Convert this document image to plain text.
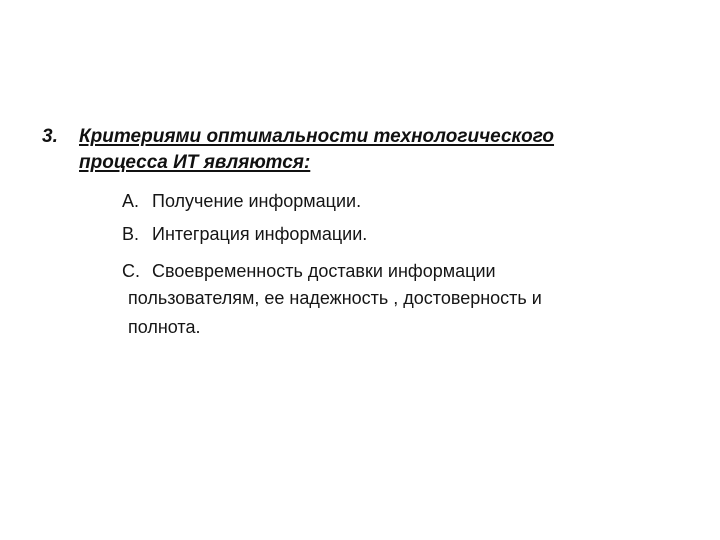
3. Критериями оптимальности технологического
процесса ИТ являются:
A. Получение информации.
B. Интеграция информации.
C. Своевременность доставки информации
пользователям, ее надежность , достоверность и
полнота.
